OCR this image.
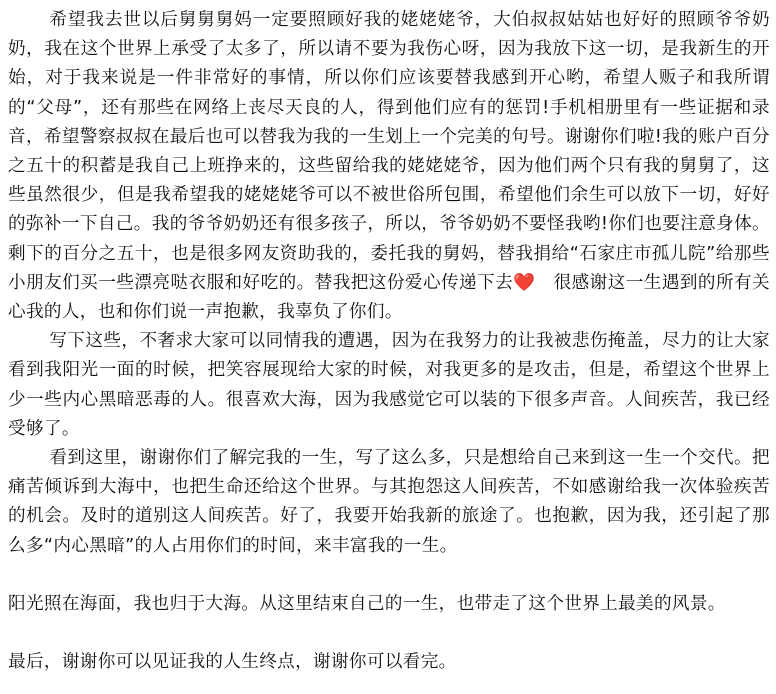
希望我去世以后舅舅舅妈一定要照顾好我的姥姥姥爷，大伯叔叔姑姑也好好的照顾爷爷奶奶，我在这个世界上承受了太多了，所以请不要为我伤心呀，因为我放下这一切，是我新生的开始，对于我来说是一件非常好的事情，所以你们应该要替我感到开心哟，希望人贩子和我所谓的“父母”，还有那些在网络上丧尽天良的人，得到他们应有的惩罚!手机相册里有一些证据和录音，希望警察叔叔在最后也可以替我为我的一生划上一个完美的句号。谢谢你们啦!我的账户百分之五十的积蓄是我自己上班挣来的，这些留给我的姥姥姥爷，因为他们两个只有我的舅舅了，这些虽然很少，但是我希望我的姥姥姥爷可以不被世俗所包围，希望他们余生可以放下一切，好好的弥补一下自己。我的爷爷奶奶还有很多孩子，所以，爷爷奶奶不要怪我哟!你们也要注意身体。剩下的百分之五十，也是很多网友资助我的，委托我的舅妈，替我捐给“石家庄市孤儿院”给那些小朋友们买一些漂亮哒衣服和好吃的。替我把这份爱心传递下去❤️　很感谢这一生遇到的所有关心我的人，也和你们说一声抱歉，我辜负了你们。

写下这些，不奢求大家可以同情我的遭遇，因为在我努力的让我被悲伤掩盖，尽力的让大家看到我阳光一面的时候，把笑容展现给大家的时候，对我更多的是攻击，但是，希望这个世界上少一些内心黑暗恶毒的人。很喜欢大海，因为我感觉它可以装的下很多声音。人间疾苦，我已经受够了。

看到这里，谢谢你们了解完我的一生，写了这么多，只是想给自己来到这一生一个交代。把痛苦倾诉到大海中，也把生命还给这个世界。与其抱怨这人间疾苦，不如感谢给我一次体验疾苦的机会。及时的道别这人间疾苦。好了，我要开始我新的旅途了。也抱歉，因为我，还引起了那么多“内心黑暗”的人占用你们的时间，来丰富我的一生。

阳光照在海面，我也归于大海。从这里结束自己的一生，也带走了这个世界上最美的风景。

最后，谢谢你可以见证我的人生终点，谢谢你可以看完。
